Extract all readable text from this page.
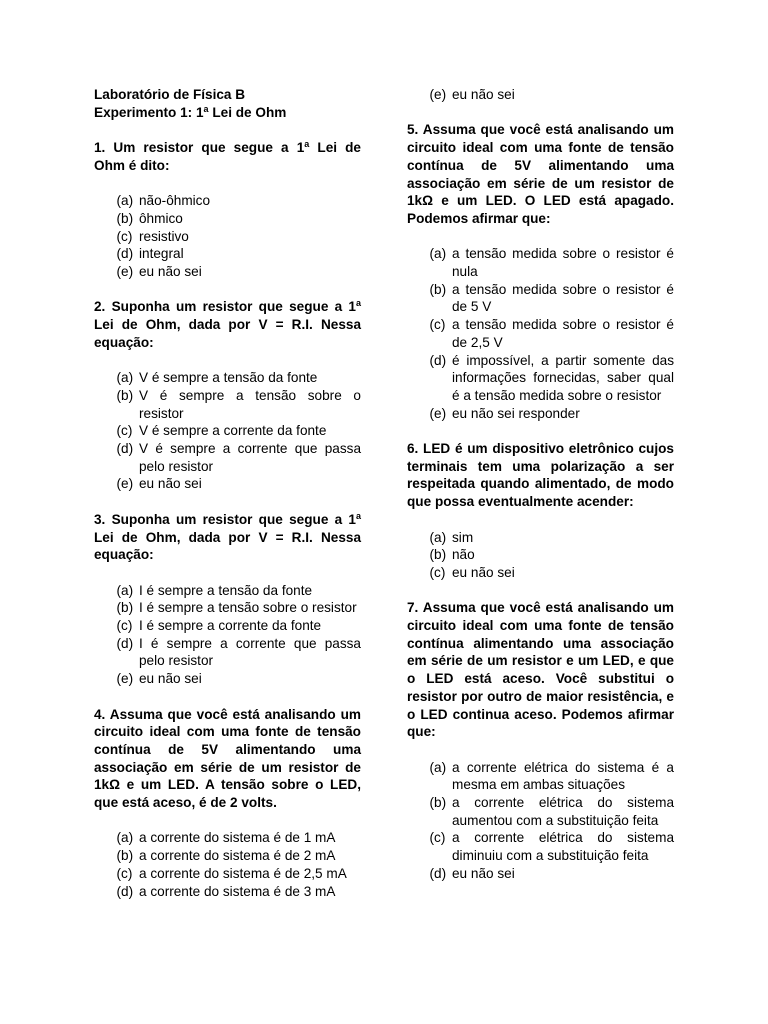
Laboratório de Física B

Experimento 1: 1$^a$ Lei de Ohm

1. Um resistor que segue a 1$^a$ Lei de Ohm é dito:

(a) não-ôhmico
(b) ôhmico
(c) resistivo
(d) integral
(e) eu não sei

2. Suponha um resistor que segue a 1$^a$ Lei de Ohm, dada por V = R.I. Nessa equação:

(a) V é sempre a tensão da fonte
(b) V é sempre a tensão sobre o resistor
(c) V é sempre a corrente da fonte
(d) V é sempre a corrente que passa pelo resistor
(e) eu não sei

3. Suponha um resistor que segue a 1$^a$ Lei de Ohm, dada por V = R.I. Nessa equação:

(a) I é sempre a tensão da fonte
(b) I é sempre a tensão sobre o resistor
(c) I é sempre a corrente da fonte
(d) I é sempre a corrente que passa pelo resistor
(e) eu não sei

4. Assuma que você está analisando um circuito ideal com uma fonte de tensão contínua de 5V alimentando uma associação em série de um resistor de 1kΩ e um LED. A tensão sobre o LED, que está aceso, é de 2 volts.

(a) a corrente do sistema é de 1 mA
(b) a corrente do sistema é de 2 mA
(c) a corrente do sistema é de 2,5 mA
(d) a corrente do sistema é de 3 mA
(e) eu não sei

5. Assuma que você está analisando um circuito ideal com uma fonte de tensão contínua de 5V alimentando uma associação em série de um resistor de 1kΩ e um LED. O LED está apagado. Podemos afirmar que:

(a) a tensão medida sobre o resistor é nula
(b) a tensão medida sobre o resistor é de 5 V
(c) a tensão medida sobre o resistor é de 2,5 V
(d) é impossível, a partir somente das informações fornecidas, saber qual é a tensão medida sobre o resistor
(e) eu não sei responder

6. LED é um dispositivo eletrônico cujos terminais tem uma polarização a ser respeitada quando alimentado, de modo que possa eventualmente acender:

(a) sim
(b) não
(c) eu não sei

7. Assuma que você está analisando um circuito ideal com uma fonte de tensão contínua alimentando uma associação em série de um resistor e um LED, e que o LED está aceso. Você substitui o resistor por outro de maior resistência, e o LED continua aceso. Podemos afirmar que:

(a) a corrente elétrica do sistema é a mesma em ambas situações
(b) a corrente elétrica do sistema aumentou com a substituição feita
(c) a corrente elétrica do sistema diminuiu com a substituição feita
(d) eu não sei
